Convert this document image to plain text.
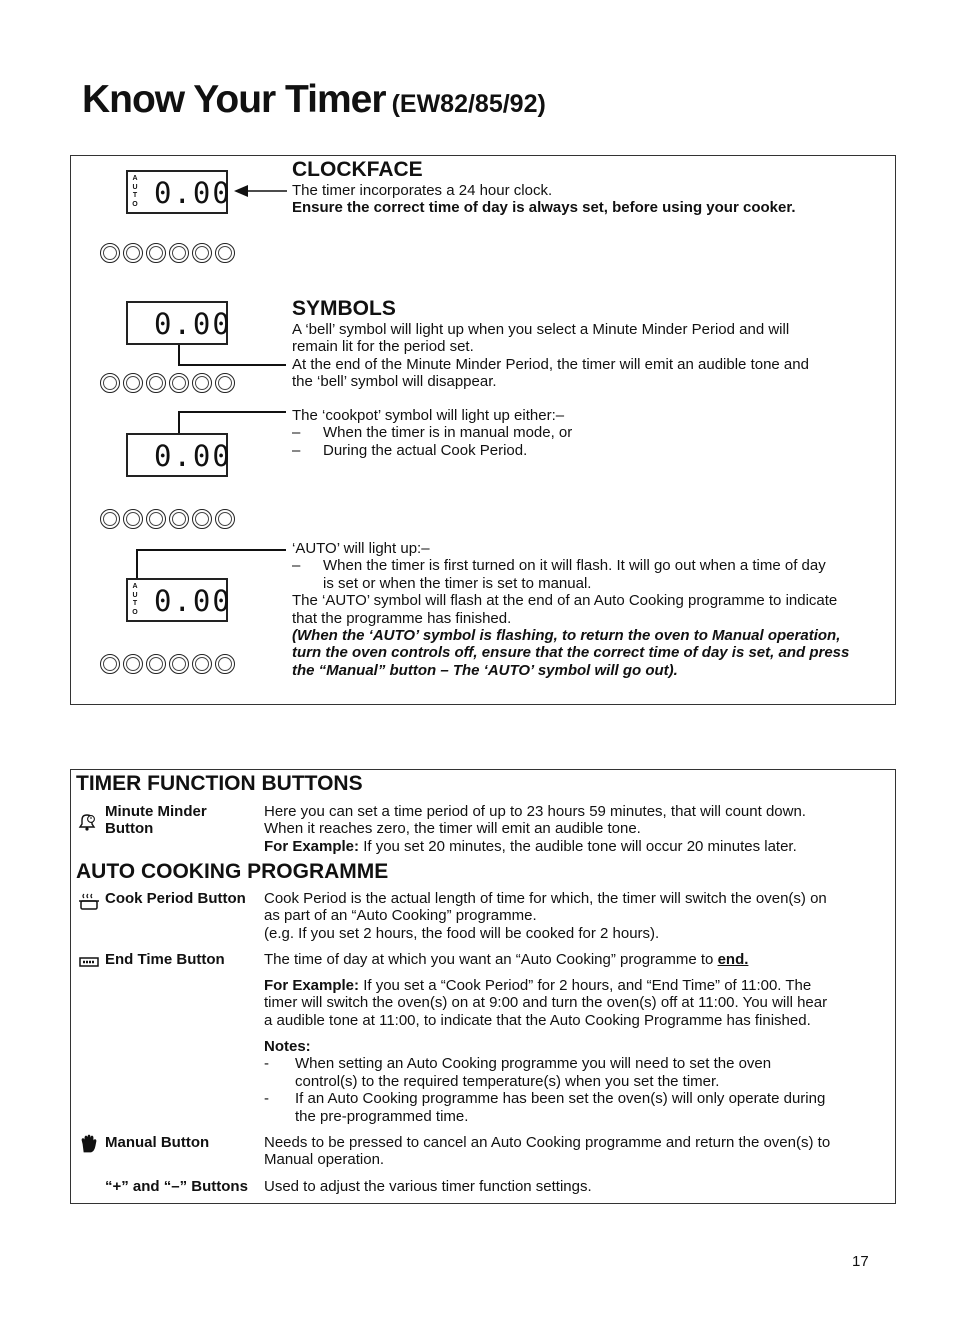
Know Your Timer (EW82/85/92)
A
U
T
O 0.00
0.00
0.00
A
U
T
O 0.00
CLOCKFACE
The timer incorporates a 24 hour clock.
Ensure the correct time of day is always set, before using your cooker.
SYMBOLS
A ‘bell’ symbol will light up when you select a Minute Minder Period and will
remain lit for the period set.
At the end of the Minute Minder Period, the timer will emit an audible tone and
the ‘bell’ symbol will disappear.
The ‘cookpot’ symbol will light up either:–
– When the timer is in manual mode, or
– During the actual Cook Period.
‘AUTO’ will light up:–
– When the timer is first turned on it will flash. It will go out when a time of day
is set or when the timer is set to manual.
The ‘AUTO’ symbol will flash at the end of an Auto Cooking programme to indicate
that the programme has finished.
(When the ‘AUTO’ symbol is flashing, to return the oven to Manual operation,
turn the oven controls off, ensure that the correct time of day is set, and press
the “Manual” button – The ‘AUTO’ symbol will go out).
TIMER FUNCTION BUTTONS
Minute Minder
Button
Here you can set a time period of up to 23 hours 59 minutes, that will count down.
When it reaches zero, the timer will emit an audible tone.
For Example: If you set 20 minutes, the audible tone will occur 20 minutes later.
AUTO COOKING PROGRAMME
Cook Period Button Cook Period is the actual length of time for which, the timer will switch the oven(s) on
as part of an “Auto Cooking” programme.
(e.g. If you set 2 hours, the food will be cooked for 2 hours).
End Time Button	The time of day at which you want an “Auto Cooking” programme to end.
For Example: If you set a “Cook Period” for 2 hours, and “End Time” of 11:00. The
timer will switch the oven(s) on at 9:00 and turn the oven(s) off at 11:00. You will hear
a audible tone at 11:00, to indicate that the Auto Cooking Programme has finished.
Notes:
- When setting an Auto Cooking programme you will need to set the oven
control(s) to the required temperature(s) when you set the timer.
- If an Auto Cooking programme has been set the oven(s) will only operate during
the pre-programmed time.
Manual Button	Needs to be pressed to cancel an Auto Cooking programme and return the oven(s) to
Manual operation.
“+” and “–” Buttons Used to adjust the various timer function settings.
17
